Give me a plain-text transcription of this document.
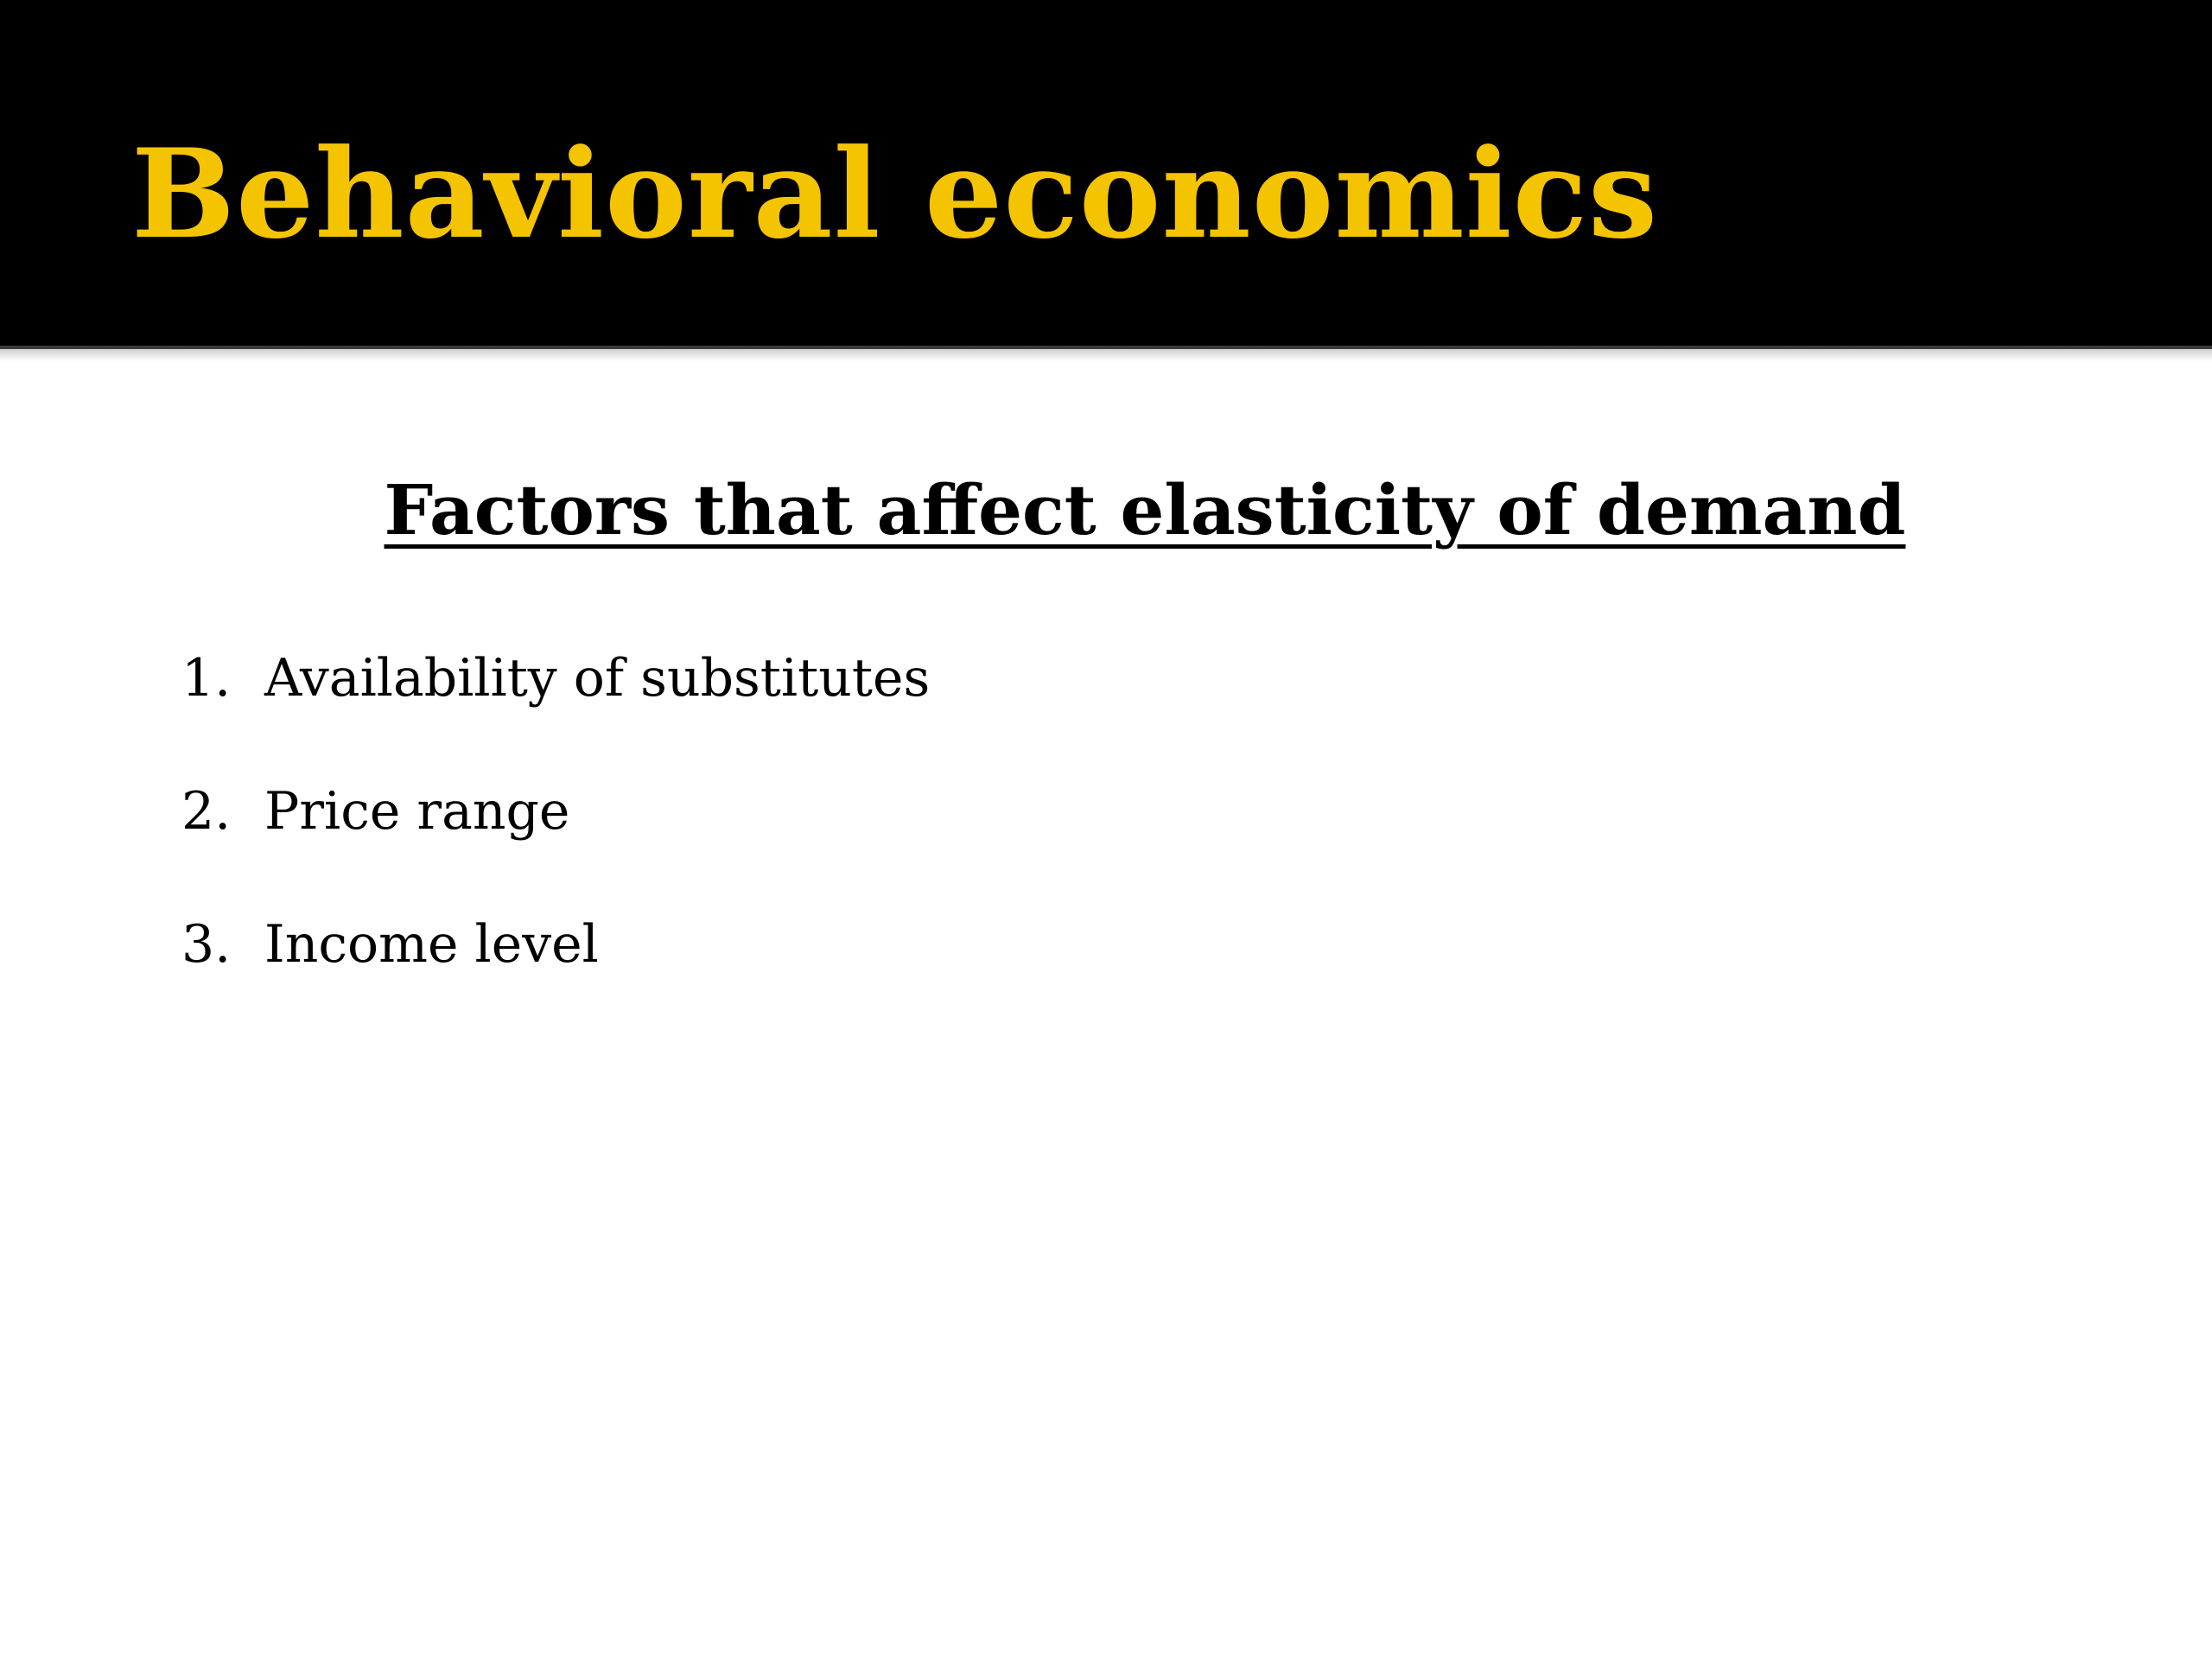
Behavioral economics
Factors that affect elasticity of demand
1. Availability of substitutes
2. Price range
3. Income level
